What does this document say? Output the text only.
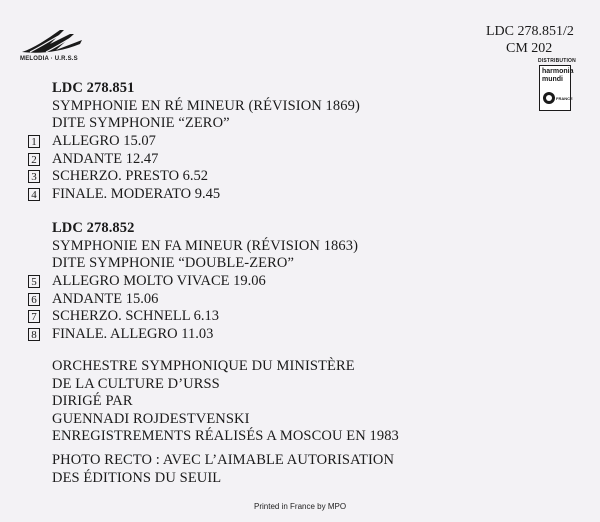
MELODIA · U.R.S.S
LDC 278.851/2
CM 202
DISTRIBUTION
harmonia
mundi
FRANCE
LDC 278.851
SYMPHONIE EN RÉ MINEUR (RÉVISION 1869)
DITE SYMPHONIE “ZERO”
1 ALLEGRO 15.07
2 ANDANTE 12.47
3 SCHERZO. PRESTO 6.52
4 FINALE. MODERATO 9.45
LDC 278.852
SYMPHONIE EN FA MINEUR (RÉVISION 1863)
DITE SYMPHONIE “DOUBLE-ZERO”
5 ALLEGRO MOLTO VIVACE 19.06
6 ANDANTE 15.06
7 SCHERZO. SCHNELL 6.13
8 FINALE. ALLEGRO 11.03
ORCHESTRE SYMPHONIQUE DU MINISTÈRE
DE LA CULTURE D’URSS
DIRIGÉ PAR
GUENNADI ROJDESTVENSKI
ENREGISTREMENTS RÉALISÉS A MOSCOU EN 1983
PHOTO RECTO : AVEC L’AIMABLE AUTORISATION
DES ÉDITIONS DU SEUIL
Printed in France by MPO
